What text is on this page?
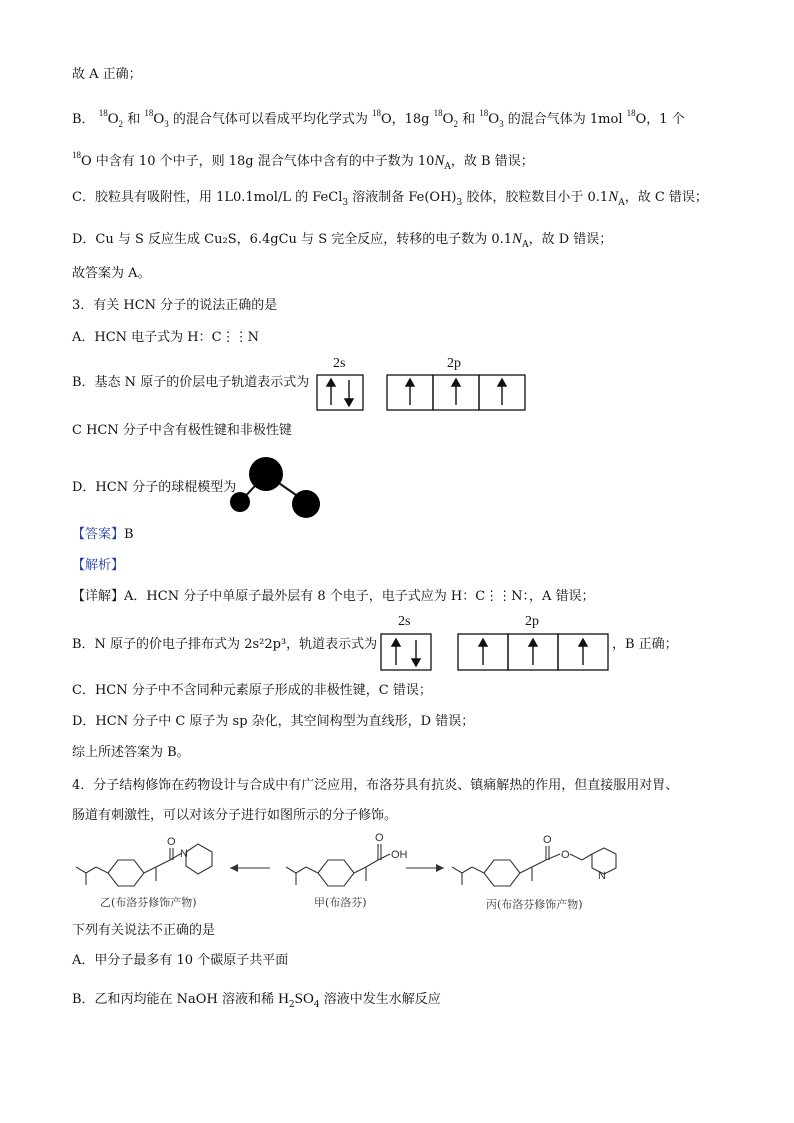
故 A 正确；
B． $^{18}O_2$ 和 $^{18}O_3$ 的混合气体可以看成平均化学式为 $^{18}$O，18g $^{18}O_2$ 和 $^{18}O_3$ 的混合气体为 1mol $^{18}$O，1 个
$^{18}$O 中含有 10 个中子，则 18g 混合气体中含有的中子数为 $10N_A$，故 B 错误；
C．胶粒具有吸附性，用 1L0.1mol/L 的 FeCl$_3$ 溶液制备 $Fe(OH)_3$ 胶体，胶粒数目小于 $0.1N_A$，故 C 错误；
D．Cu 与 S 反应生成 Cu₂S，6.4gCu 与 S 完全反应，转移的电子数为 $0.1N_A$，故 D 错误；
故答案为 A。
3．有关 HCN 分子的说法正确的是
A．HCN 电子式为 H：C⋮⋮N
B．基态 N 原子的价层电子轨道表示式为
2s	2p
C HCN 分子中含有极性键和非极性键
D．HCN 分子的球棍模型为
【答案】B
【解析】
【详解】A．HCN 分子中单原子最外层有 8 个电子，电子式应为 H：C⋮⋮N：，A 错误；
B．N 原子的价电子排布式为 2s²2p³，轨道表示式为
2s	2p
，B 正确；
C．HCN 分子中不含同种元素原子形成的非极性键，C 错误；
D．HCN 分子中 C 原子为 sp 杂化，其空间构型为直线形，D 错误；
综上所述答案为 B。
4．分子结构修饰在药物设计与合成中有广泛应用，布洛芬具有抗炎、镇痛解热的作用，但直接服用对胃、
肠道有刺激性，可以对该分子进行如图所示的分子修饰。
O
N
O
OH
O
O
N
乙(布洛芬修饰产物)	甲(布洛芬)	丙(布洛芬修饰产物)
下列有关说法不正确的是
A．甲分子最多有 10 个碳原子共平面
B．乙和丙均能在 NaOH 溶液和稀 $H_2SO_4$ 溶液中发生水解反应
